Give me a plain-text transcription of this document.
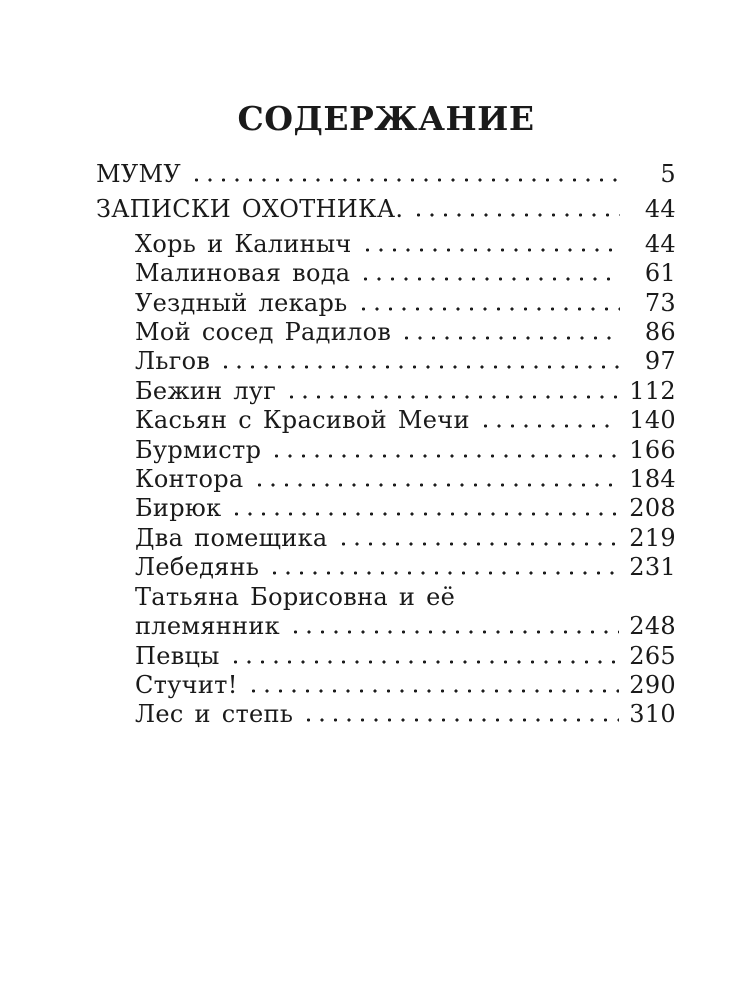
СОДЕРЖАНИЕ
МУМУ	5
ЗАПИСКИ ОХОТНИКА.	44
Хорь и Калиныч	44
Малиновая вода	61
Уездный лекарь	73
Мой сосед Радилов	86
Льгов	97
Бежин луг	112
Касьян с Красивой Мечи	140
Бурмистр	166
Контора	184
Бирюк	208
Два помещика	219
Лебедянь	231
Татьяна Борисовна и её
племянник	248
Певцы	265
Стучит!	290
Лес и степь	310
